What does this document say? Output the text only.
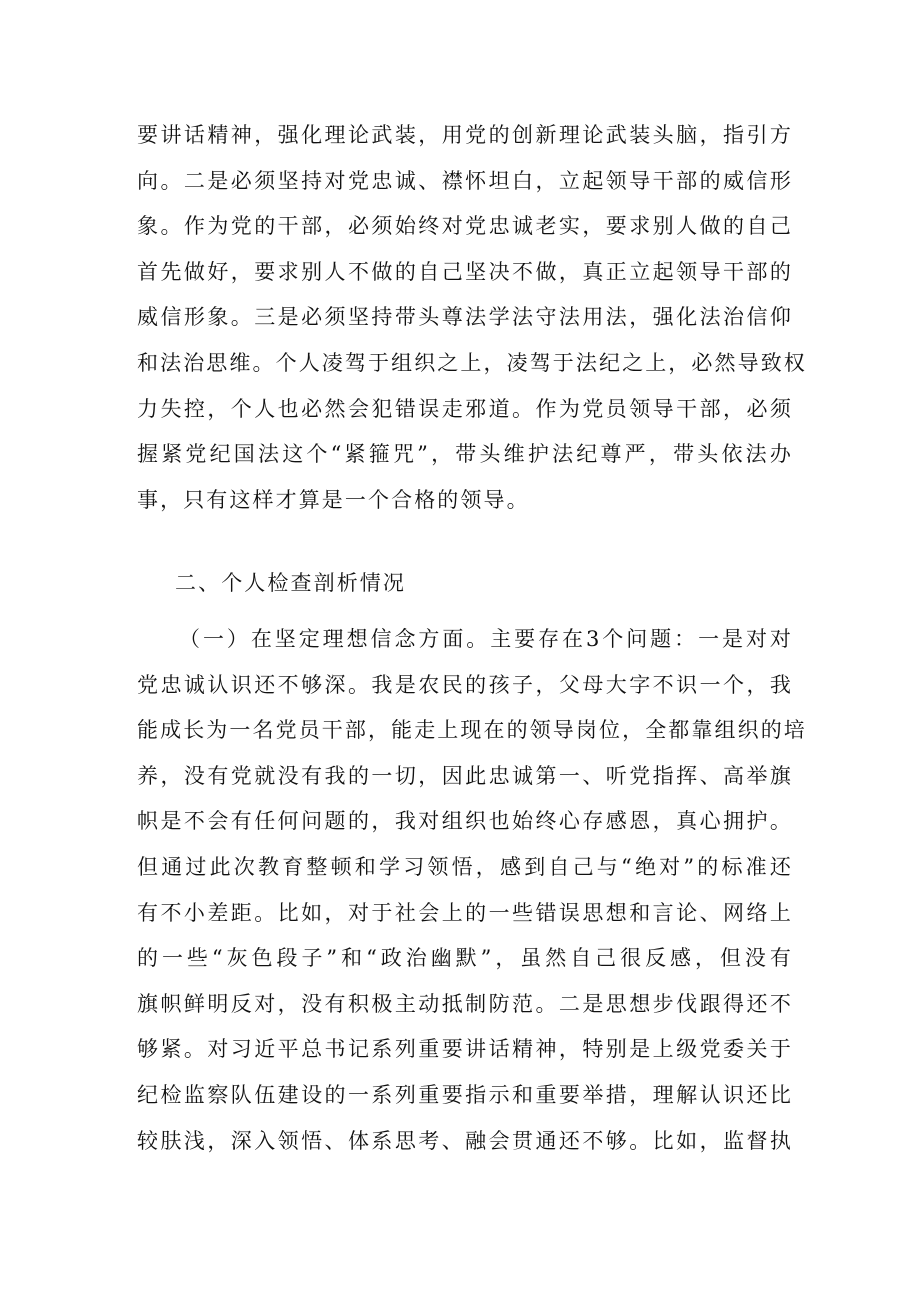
要讲话精神，强化理论武装，用党的创新理论武装头脑，指引方
向。二是必须坚持对党忠诚、襟怀坦白，立起领导干部的威信形
象。作为党的干部，必须始终对党忠诚老实，要求别人做的自己
首先做好，要求别人不做的自己坚决不做，真正立起领导干部的
威信形象。三是必须坚持带头尊法学法守法用法，强化法治信仰
和法治思维。个人凌驾于组织之上，凌驾于法纪之上，必然导致权
力失控，个人也必然会犯错误走邪道。作为党员领导干部，必须
握紧党纪国法这个“紧箍咒”，带头维护法纪尊严，带头依法办
事，只有这样才算是一个合格的领导。
二、个人检查剖析情况
（一）在坚定理想信念方面。主要存在3个问题：一是对对
党忠诚认识还不够深。我是农民的孩子，父母大字不识一个，我
能成长为一名党员干部，能走上现在的领导岗位，全都靠组织的培
养，没有党就没有我的一切，因此忠诚第一、听党指挥、高举旗
帜是不会有任何问题的，我对组织也始终心存感恩，真心拥护。
但通过此次教育整顿和学习领悟，感到自己与“绝对”的标准还
有不小差距。比如，对于社会上的一些错误思想和言论、网络上
的一些“灰色段子”和“政治幽默”，虽然自己很反感，但没有
旗帜鲜明反对，没有积极主动抵制防范。二是思想步伐跟得还不
够紧。对习近平总书记系列重要讲话精神，特别是上级党委关于
纪检监察队伍建设的一系列重要指示和重要举措，理解认识还比
较肤浅，深入领悟、体系思考、融会贯通还不够。比如，监督执
